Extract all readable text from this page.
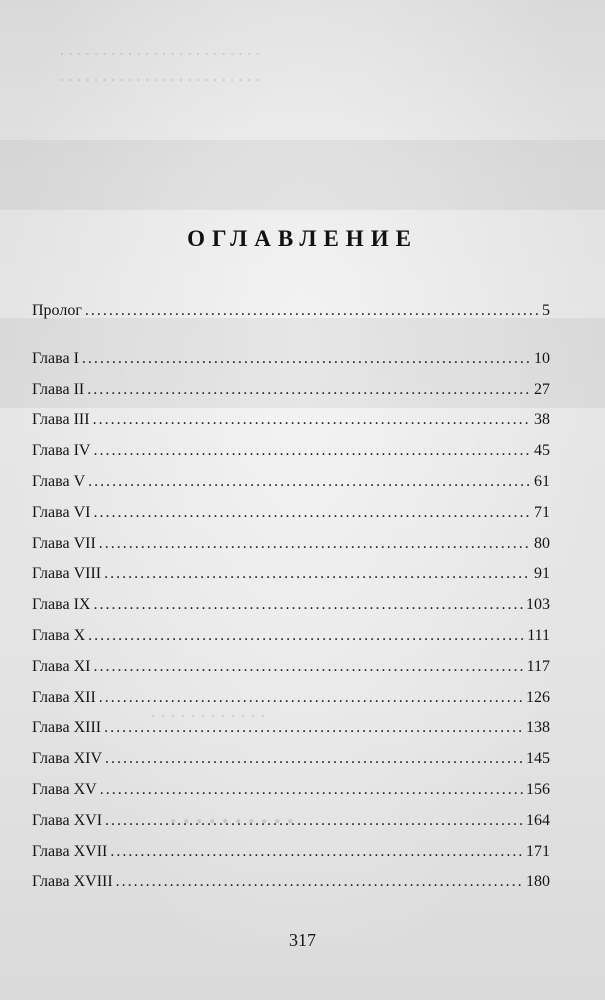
. . . . . . . . . . . . . . . . . . . . . . . .
. . . . . . . . . . . . . . . . . . . . . . . .
. . . . . . . . . . . .
. . . . . . . . . .
ОГЛАВЛЕНИЕ
Пролог . . .	5
Глава I . . .	10
Глава II . . .	27
Глава III . . .	38
Глава IV . . .	45
Глава V . . .	61
Глава VI . . .	71
Глава VII . . .	80
Глава VIII . . .	91
Глава IX . . .	103
Глава X . . .	111
Глава XI . . .	117
Глава XII . . .	126
Глава XIII . . .	138
Глава XIV . . .	145
Глава XV . . .	156
Глава XVI . . .	164
Глава XVII . . .	171
Глава XVIII . . .	180
317
